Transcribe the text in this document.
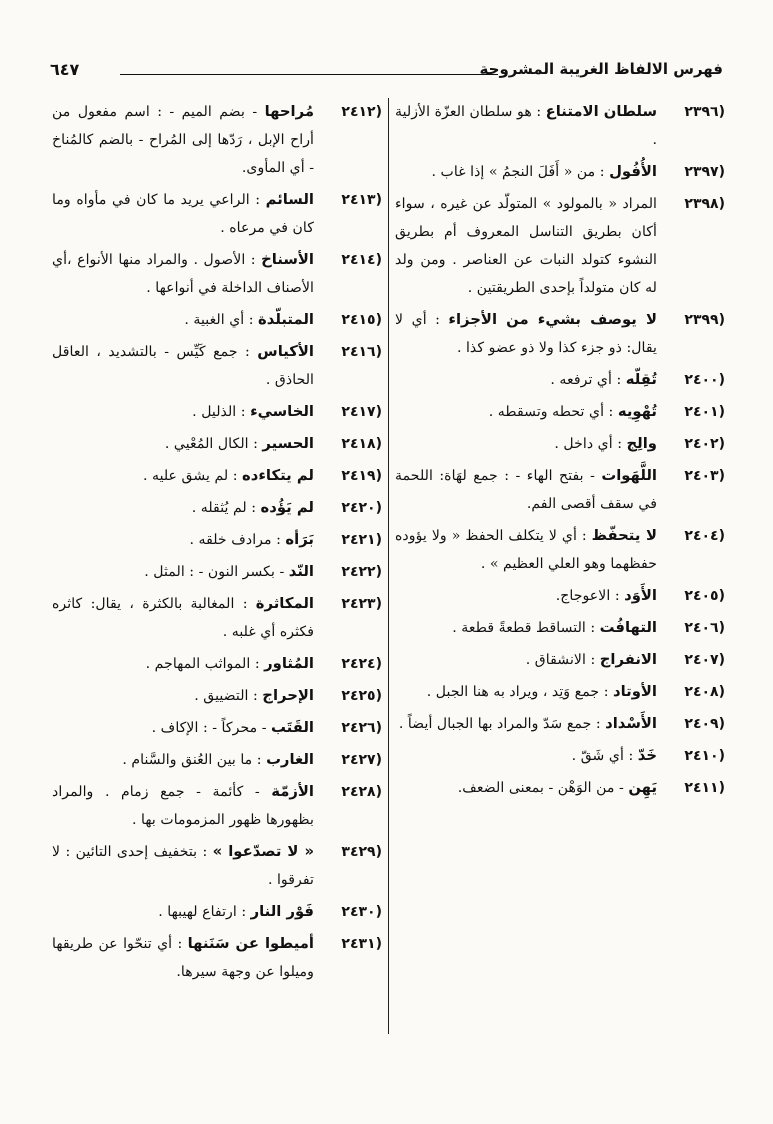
فهرس الالفاظ الغريبة المشروحة
٦٤٧
(٢٣٩٦
سلطان الامتناع : هو سلطان العزّة الأزلية .
(٢٣٩٧
الأُفُول : من « أَفَلَ النجمُ » إذا غاب .
(٢٣٩٨
المراد « بالمولود » المتولّد عن غيره ، سواء أكان بطريق التناسل المعروف أم بطريق النشوء كتولد النبات عن العناصر . ومن ولد له كان متولداً بإحدى الطريقتين .
(٢٣٩٩
لا يوصف بشيء من الأجزاء : أي لا يقال: ذو جزء كذا ولا ذو عضو كذا .
(٢٤٠٠
تُقِلّه : أي ترفعه .
(٢٤٠١
تُهْوِيه : أي تحطه وتسقطه .
(٢٤٠٢
والِج : أي داخل .
(٢٤٠٣
اللَّهَوات - بفتح الهاء - : جمع لهَاة: اللحمة في سقف أقصى الفم.
(٢٤٠٤
لا يتحفّظ : أي لا يتكلف الحفظ « ولا يؤوده حفظهما وهو العلي العظيم » .
(٢٤٠٥
الأَوَد : الاعوجاج.
(٢٤٠٦
التهافُت : التساقط قطعةً قطعة .
(٢٤٠٧
الانفراج : الانشقاق .
(٢٤٠٨
الأوتاد : جمع وَتِد ، ويراد به هنا الجبل .
(٢٤٠٩
الأَسْداد : جمع سَدّ والمراد بها الجبال أيضاً .
(٢٤١٠
خَدّ : أي شَقّ .
(٢٤١١
يَهِن - من الوَهْن - بمعنى الضعف.
(٢٤١٢
مُراحها - بضم الميم - : اسم مفعول من أراح الإبل ، رَدّها إلى المُراح - بالضم كالمُناخ - أي المأوى.
(٢٤١٣
السائم : الراعي يريد ما كان في مأواه وما كان في مرعاه .
(٢٤١٤
الأسناخ : الأصول . والمراد منها الأنواع ،أي الأصناف الداخلة في أنواعها .
(٢٤١٥
المتبلّدة : أي الغبية .
(٢٤١٦
الأكياس : جمع كَيِّس - بالتشديد ، العاقل الحاذق .
(٢٤١٧
الخاسيء : الذليل .
(٢٤١٨
الحسير : الكال المُعْيي .
(٢٤١٩
لم يتكاءده : لم يشق عليه .
(٢٤٢٠
لم يَؤُده : لم يُثقله .
(٢٤٢١
بَرَأه : مرادف خلقه .
(٢٤٢٢
النّد - بكسر النون - : المثل .
(٢٤٢٣
المكاثرة : المغالبة بالكثرة ، يقال: كاثره فكثره أي غلبه .
(٢٤٢٤
المُثاور : المواثب المهاجم .
(٢٤٢٥
الإحراج : التضييق .
(٢٤٢٦
القَتَب - محركاً - : الإكاف .
(٢٤٢٧
الغارب : ما بين العُنق والسَّنام .
(٢٤٢٨
الأزمّة - كأئمة - جمع زمام . والمراد بظهورها ظهور المزمومات بها .
(٣٤٢٩
« لا تصدّعوا » : بتخفيف إحدى التائين : لا تفرقوا .
(٢٤٣٠
فَوْر النار : ارتفاع لهيبها .
(٢٤٣١
أميطوا عن سَنَنها : أي تنحّوا عن طريقها وميلوا عن وجهة سيرها.
